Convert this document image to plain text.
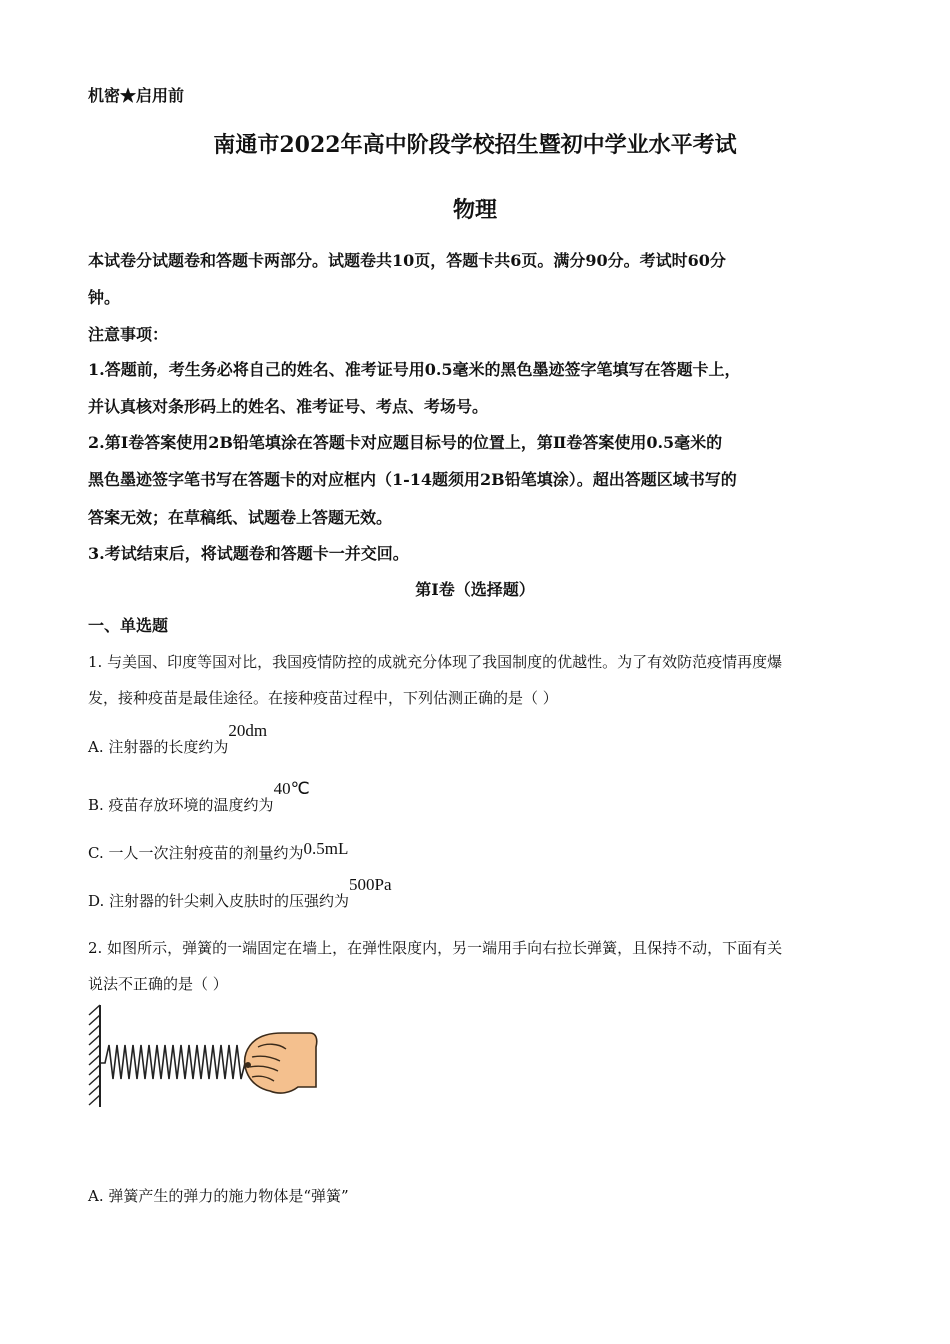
机密★启用前
南通市2022年高中阶段学校招生暨初中学业水平考试
物理
本试卷分试题卷和答题卡两部分。试题卷共10页，答题卡共6页。满分90分。考试时60分
钟。
注意事项：
1.答题前，考生务必将自己的姓名、准考证号用0.5毫米的黑色墨迹签字笔填写在答题卡上，
并认真核对条形码上的姓名、准考证号、考点、考场号。
2.第Ⅰ卷答案使用2B铅笔填涂在答题卡对应题目标号的位置上，第Ⅱ卷答案使用0.5毫米的
黑色墨迹签字笔书写在答题卡的对应框内（1-14题须用2B铅笔填涂）。超出答题区域书写的
答案无效；在草稿纸、试题卷上答题无效。
3.考试结束后，将试题卷和答题卡一并交回。
第I卷（选择题）
一、单选题
1. 与美国、印度等国对比，我国疫情防控的成就充分体现了我国制度的优越性。为了有效防范疫情再度爆
发，接种疫苗是最佳途径。在接种疫苗过程中，下列估测正确的是（ ）
A. 注射器的长度约为20dm
B. 疫苗存放环境的温度约为40℃
C. 一人一次注射疫苗的剂量约为0.5mL
D. 注射器的针尖刺入皮肤时的压强约为500Pa
2. 如图所示，弹簧的一端固定在墙上，在弹性限度内，另一端用手向右拉长弹簧，且保持不动，下面有关
说法不正确的是（ ）
A. 弹簧产生的弹力的施力物体是“弹簧”
